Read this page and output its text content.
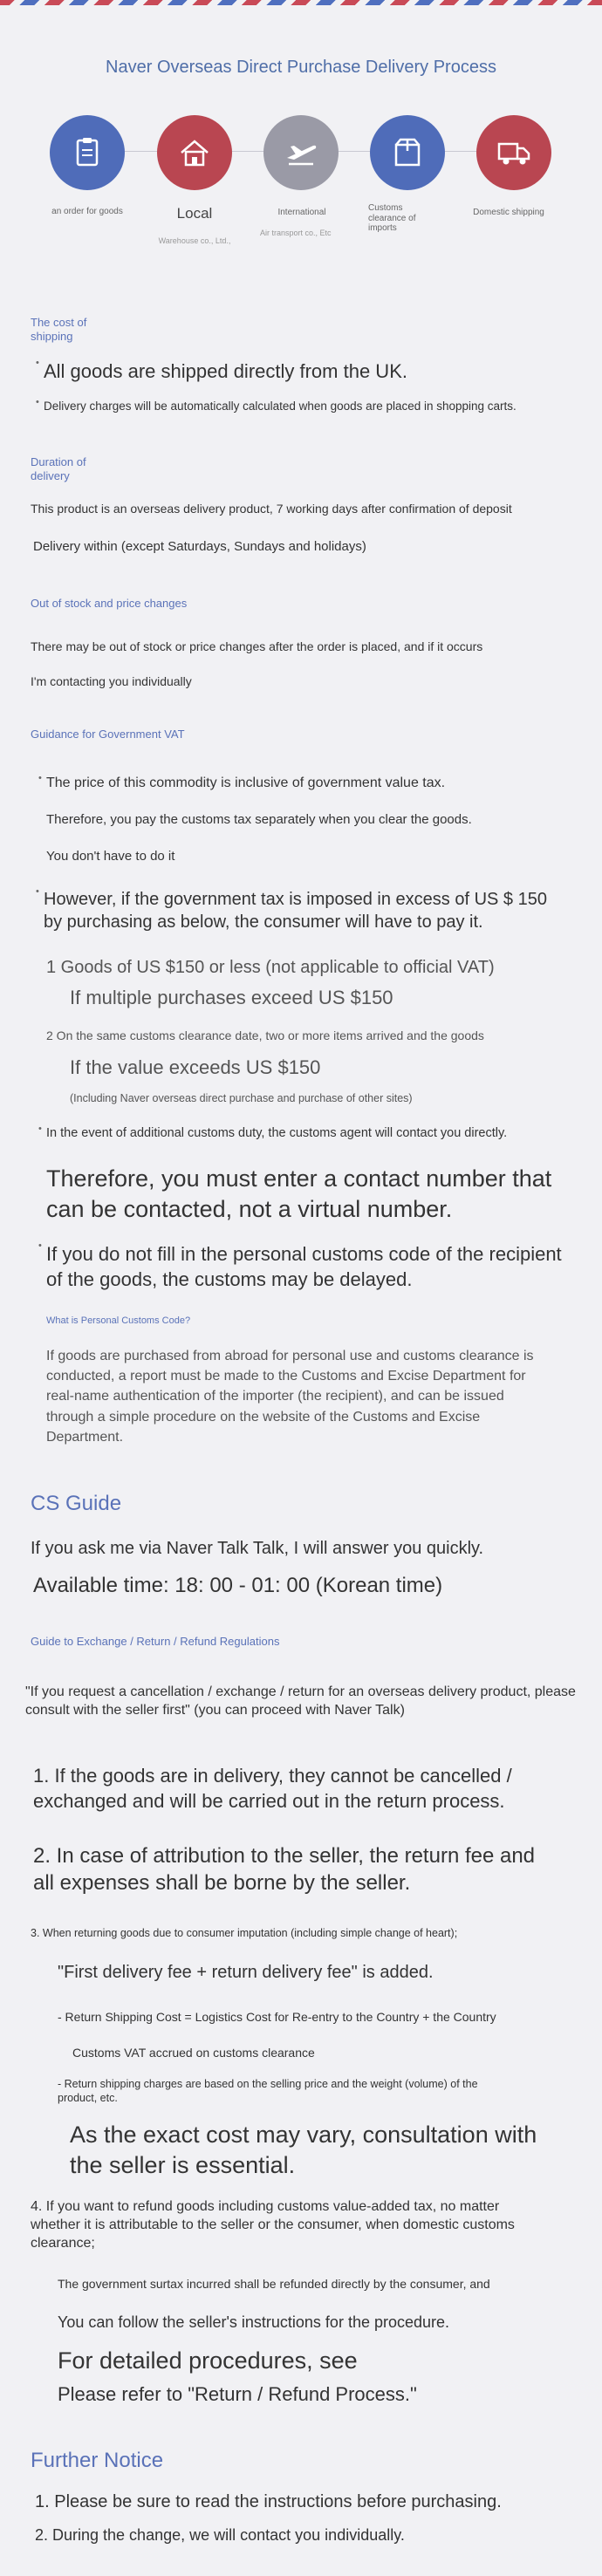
Naver Overseas Direct Purchase Delivery Process
an order for goods	Local
Warehouse co., Ltd.,
International
Air transport co., Etc
Customs clearance of imports
Domestic shipping
The cost of shipping
• All goods are shipped directly from the UK.
• Delivery charges will be automatically calculated when goods are placed in shopping carts.
Duration of delivery
This product is an overseas delivery product, 7 working days after confirmation of deposit
Delivery within (except Saturdays, Sundays and holidays)
Out of stock and price changes
There may be out of stock or price changes after the order is placed, and if it occurs
I'm contacting you individually
Guidance for Government VAT
• The price of this commodity is inclusive of government value tax.
Therefore, you pay the customs tax separately when you clear the goods.
You don't have to do it
• However, if the government tax is imposed in excess of US $ 150 by purchasing as below, the consumer will have to pay it.
1 Goods of US $150 or less (not applicable to official VAT)
If multiple purchases exceed US $150
2 On the same customs clearance date, two or more items arrived and the goods
If the value exceeds US $150
(Including Naver overseas direct purchase and purchase of other sites)
• In the event of additional customs duty, the customs agent will contact you directly.
Therefore, you must enter a contact number that can be contacted, not a virtual number.
• If you do not fill in the personal customs code of the recipient of the goods, the customs may be delayed.
What is Personal Customs Code?
If goods are purchased from abroad for personal use and customs clearance is conducted, a report must be made to the Customs and Excise Department for real-name authentication of the importer (the recipient), and can be issued through a simple procedure on the website of the Customs and Excise Department.
CS Guide
If you ask me via Naver Talk Talk, I will answer you quickly.
Available time: 18: 00 - 01: 00 (Korean time)
Guide to Exchange / Return / Refund Regulations
"If you request a cancellation / exchange / return for an overseas delivery product, please consult with the seller first" (you can proceed with Naver Talk)
1. If the goods are in delivery, they cannot be cancelled / exchanged and will be carried out in the return process.
2. In case of attribution to the seller, the return fee and all expenses shall be borne by the seller.
3. When returning goods due to consumer imputation (including simple change of heart);
"First delivery fee + return delivery fee" is added.
- Return Shipping Cost = Logistics Cost for Re-entry to the Country + the Country
Customs VAT accrued on customs clearance
- Return shipping charges are based on the selling price and the weight (volume) of the product, etc.
As the exact cost may vary, consultation with the seller is essential.
4. If you want to refund goods including customs value-added tax, no matter whether it is attributable to the seller or the consumer, when domestic customs clearance;
The government surtax incurred shall be refunded directly by the consumer, and
You can follow the seller's instructions for the procedure.
For detailed procedures, see
Please refer to "Return / Refund Process."
Further Notice
1. Please be sure to read the instructions before purchasing.
2. During the change, we will contact you individually.
